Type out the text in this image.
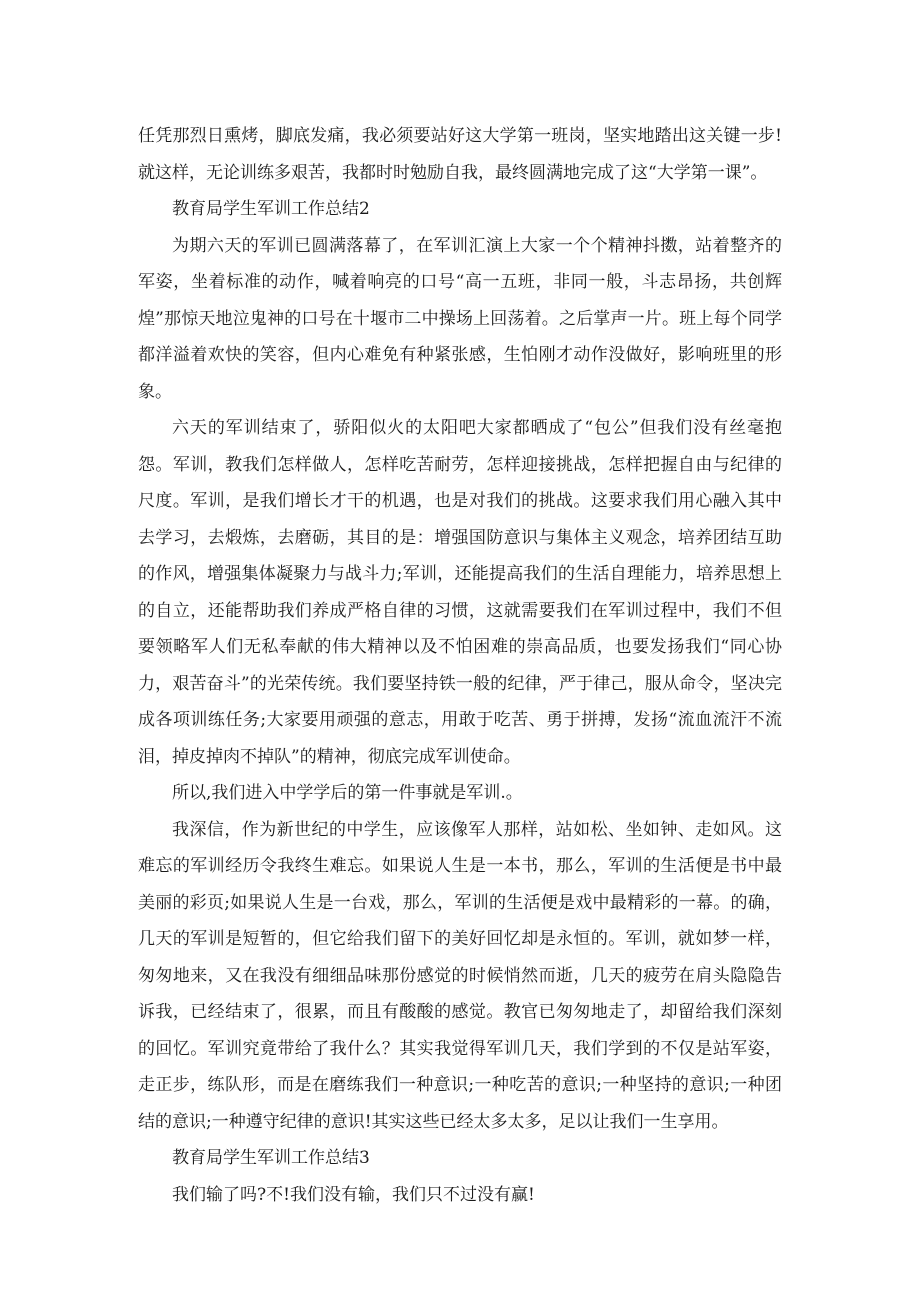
任凭那烈日熏烤，脚底发痛，我必须要站好这大学第一班岗，坚实地踏出这关键一步!就这样，无论训练多艰苦，我都时时勉励自我，最终圆满地完成了这“大学第一课”。

教育局学生军训工作总结2

为期六天的军训已圆满落幕了，在军训汇演上大家一个个精神抖擞，站着整齐的军姿，坐着标准的动作，喊着响亮的口号“高一五班，非同一般，斗志昂扬，共创辉煌”那惊天地泣鬼神的口号在十堰市二中操场上回荡着。之后掌声一片。班上每个同学都洋溢着欢快的笑容，但内心难免有种紧张感，生怕刚才动作没做好，影响班里的形象。

六天的军训结束了，骄阳似火的太阳吧大家都晒成了“包公”但我们没有丝毫抱怨。军训，教我们怎样做人，怎样吃苦耐劳，怎样迎接挑战，怎样把握自由与纪律的尺度。军训，是我们增长才干的机遇，也是对我们的挑战。这要求我们用心融入其中去学习，去煅炼，去磨砺，其目的是：增强国防意识与集体主义观念，培养团结互助的作风，增强集体凝聚力与战斗力;军训，还能提高我们的生活自理能力，培养思想上的自立，还能帮助我们养成严格自律的习惯，这就需要我们在军训过程中，我们不但要领略军人们无私奉献的伟大精神以及不怕困难的崇高品质，也要发扬我们“同心协力，艰苦奋斗”的光荣传统。我们要坚持铁一般的纪律，严于律己，服从命令，坚决完成各项训练任务;大家要用顽强的意志，用敢于吃苦、勇于拼搏，发扬“流血流汗不流泪，掉皮掉肉不掉队”的精神，彻底完成军训使命。

所以,我们进入中学学后的第一件事就是军训.。

我深信，作为新世纪的中学生，应该像军人那样，站如松、坐如钟、走如风。这难忘的军训经历令我终生难忘。如果说人生是一本书，那么，军训的生活便是书中最美丽的彩页;如果说人生是一台戏，那么，军训的生活便是戏中最精彩的一幕。的确，几天的军训是短暂的，但它给我们留下的美好回忆却是永恒的。军训，就如梦一样，匆匆地来，又在我没有细细品味那份感觉的时候悄然而逝，几天的疲劳在肩头隐隐告诉我，已经结束了，很累，而且有酸酸的感觉。教官已匆匆地走了，却留给我们深刻的回忆。军训究竟带给了我什么？其实我觉得军训几天，我们学到的不仅是站军姿，走正步，练队形，而是在磨练我们一种意识;一种吃苦的意识;一种坚持的意识;一种团结的意识;一种遵守纪律的意识!其实这些已经太多太多，足以让我们一生享用。

教育局学生军训工作总结3

我们输了吗?不!我们没有输，我们只不过没有赢!
